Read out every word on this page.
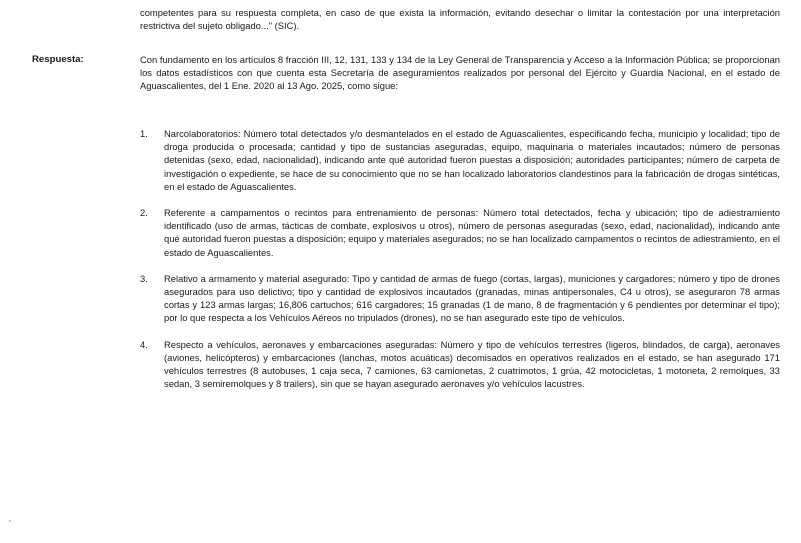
competentes para su respuesta completa, en caso de que exista la información, evitando desechar o limitar la contestación por una interpretación restrictiva del sujeto obligado..." (SIC).
Respuesta:	Con fundamento en los artículos 8 fracción III, 12, 131, 133 y 134 de la Ley General de Transparencia y Acceso a la Información Pública; se proporcionan los datos estadísticos con que cuenta esta Secretaría de aseguramientos realizados por personal del Ejército y Guardia Nacional, en el estado de Aguascalientes, del 1 Ene. 2020 al 13 Ago. 2025, como sigue:
1.	Narcolaboratorios: Número total detectados y/o desmantelados en el estado de Aguascalientes, especificando fecha, municipio y localidad; tipo de droga producida o procesada; cantidad y tipo de sustancias aseguradas, equipo, maquinaria o materiales incautados; número de personas detenidas (sexo, edad, nacionalidad), indicando ante qué autoridad fueron puestas a disposición; autoridades participantes; número de carpeta de investigación o expediente, se hace de su conocimiento que no se han localizado laboratorios clandestinos para la fabricación de drogas sintéticas, en el estado de Aguascalientes.
2.	Referente a campamentos o recintos para entrenamiento de personas: Número total detectados, fecha y ubicación; tipo de adiestramiento identificado (uso de armas, tácticas de combate, explosivos u otros), número de personas aseguradas (sexo, edad, nacionalidad), indicando ante qué autoridad fueron puestas a disposición; equipo y materiales asegurados; no se han localizado campamentos o recintos de adiestramiento, en el estado de Aguascalientes.
3.	Relativo a armamento y material asegurado: Tipo y cantidad de armas de fuego (cortas, largas), municiones y cargadores; número y tipo de drones asegurados para uso delictivo; tipo y cantidad de explosivos incautados (granadas, minas antipersonales, C4 u otros), se aseguraron 78 armas cortas y 123 armas largas; 16,806 cartuchos; 616 cargadores; 15 granadas (1 de mano, 8 de fragmentación y 6 pendientes por determinar el tipo); por lo que respecta a los Vehículos Aéreos no tripulados (drones), no se han asegurado este tipo de vehículos.
4.	Respecto a vehículos, aeronaves y embarcaciones aseguradas: Número y tipo de vehículos terrestres (ligeros, blindados, de carga), aeronaves (aviones, helicópteros) y embarcaciones (lanchas, motos acuáticas) decomisados en operativos realizados en el estado, se han asegurado 171 vehículos terrestres (8 autobuses, 1 caja seca, 7 camiones, 63 camionetas, 2 cuatrimotos, 1 grúa, 42 motocicletas, 1 motoneta, 2 remolques, 33 sedan, 3 semiremolques y 8 trailers), sin que se hayan asegurado aeronaves y/o vehículos lacustres.
